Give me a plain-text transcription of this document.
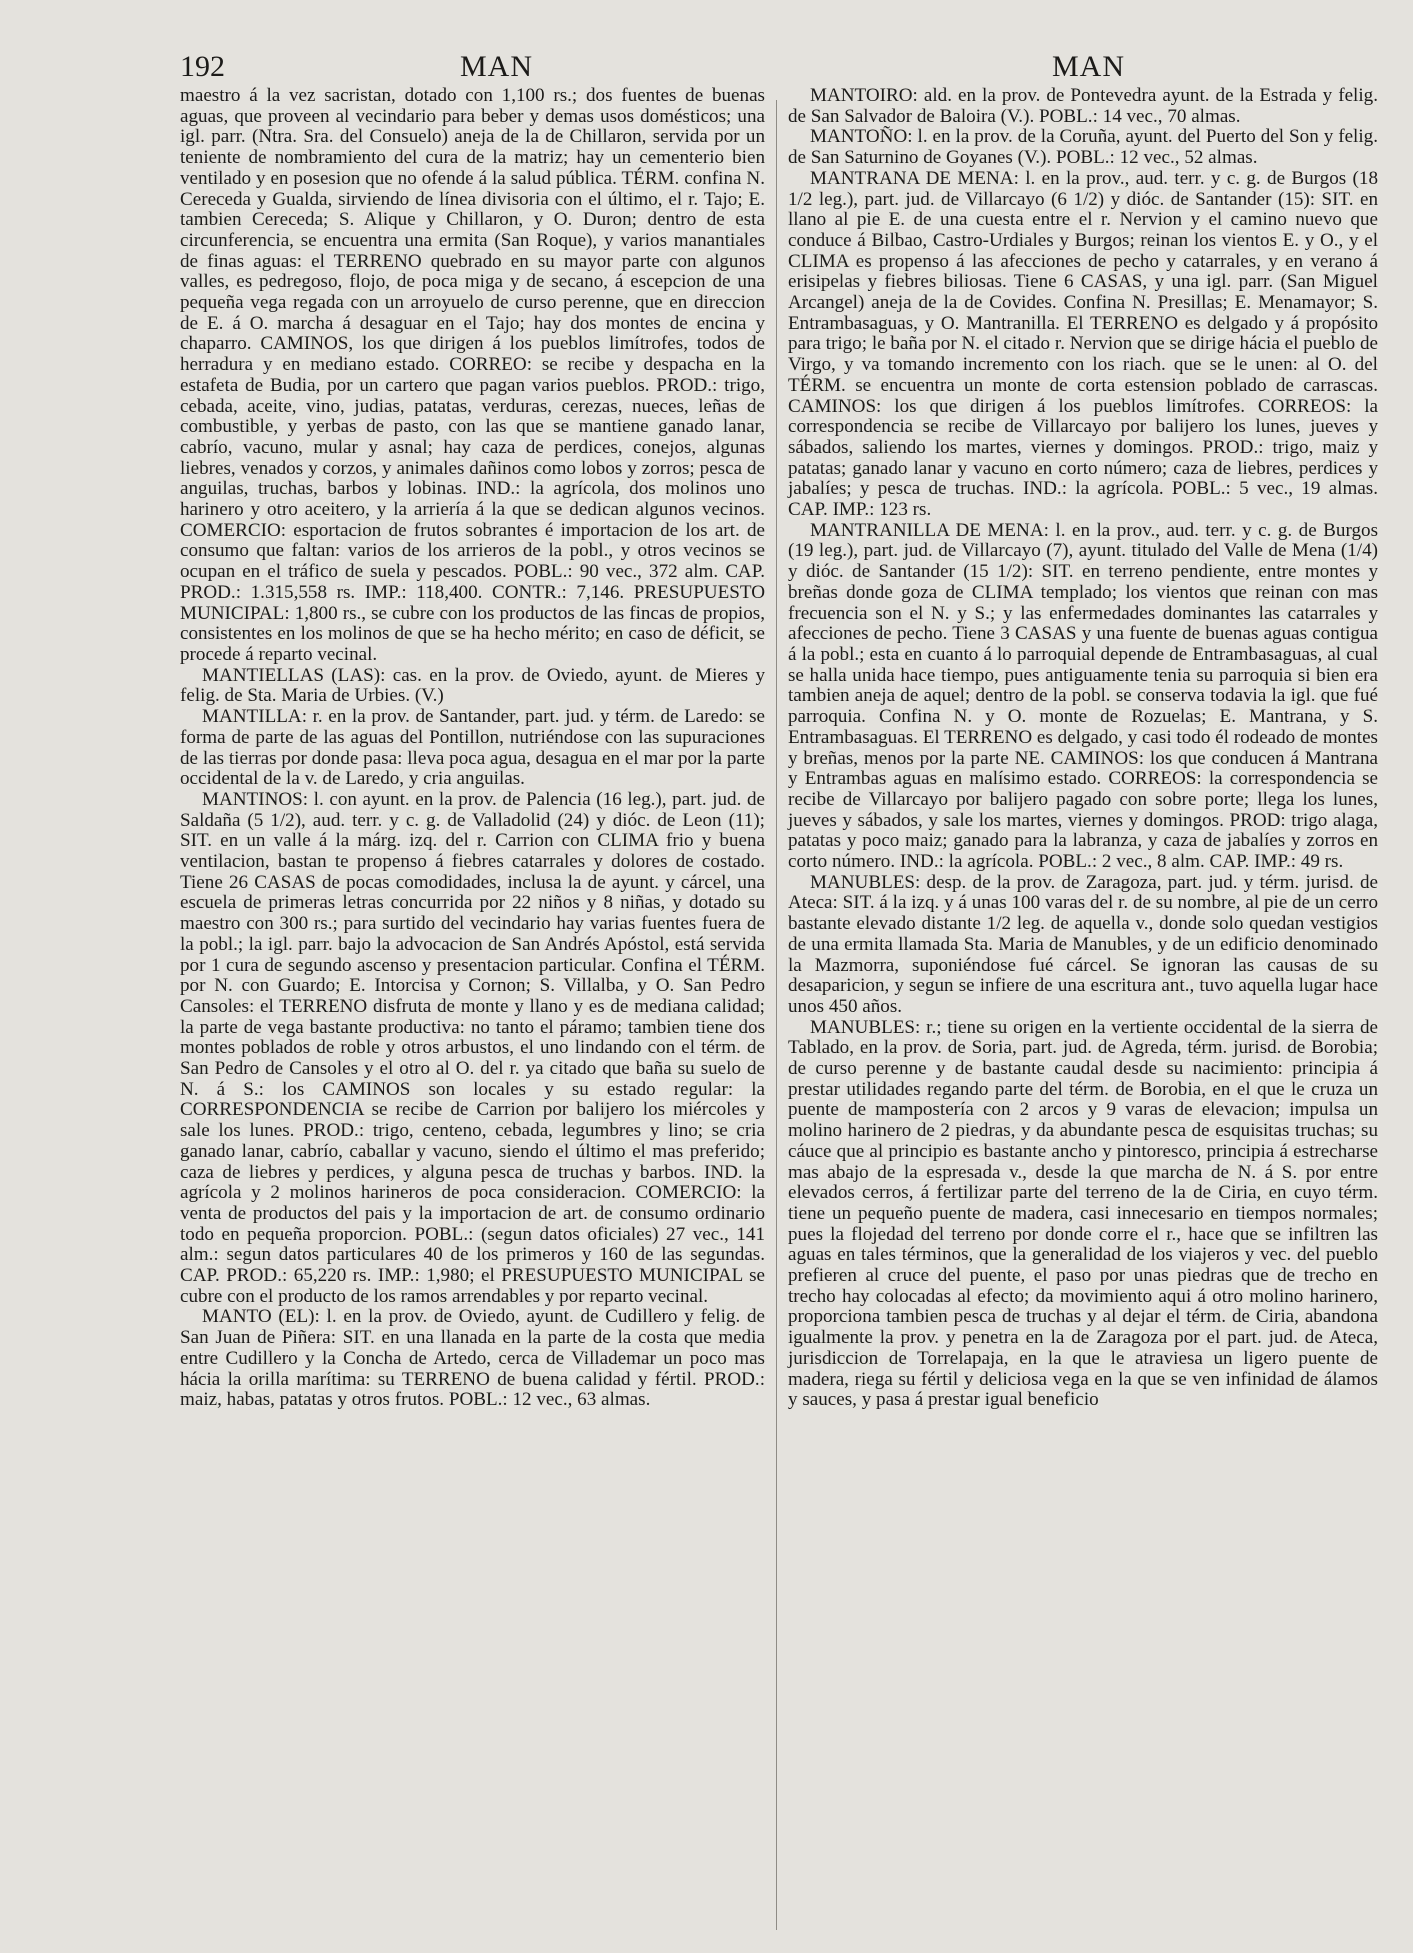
192	MAN	MAN

maestro á la vez sacristan, dotado con 1,100 rs.; dos fuentes de buenas aguas, que proveen al vecindario para beber y demas usos domésticos; una igl. parr. (Ntra. Sra. del Consuelo) aneja de la de Chillaron, servida por un teniente de nombramiento del cura de la matriz; hay un cementerio bien ventilado y en posesion que no ofende á la salud pública. TÉRM. confina N. Cereceda y Gualda, sirviendo de línea divisoria con el último, el r. Tajo; E. tambien Cereceda; S. Alique y Chillaron, y O. Duron; dentro de esta circunferencia, se encuentra una ermita (San Roque), y varios manantiales de finas aguas: el TERRENO quebrado en su mayor parte con algunos valles, es pedregoso, flojo, de poca miga y de secano, á escepcion de una pequeña vega regada con un arroyuelo de curso perenne, que en direccion de E. á O. marcha á desaguar en el Tajo; hay dos montes de encina y chaparro. CAMINOS, los que dirigen á los pueblos limítrofes, todos de herradura y en mediano estado. CORREO: se recibe y despacha en la estafeta de Budia, por un cartero que pagan varios pueblos. PROD.: trigo, cebada, aceite, vino, judias, patatas, verduras, cerezas, nueces, leñas de combustible, y yerbas de pasto, con las que se mantiene ganado lanar, cabrío, vacuno, mular y asnal; hay caza de perdices, conejos, algunas liebres, venados y corzos, y animales dañinos como lobos y zorros; pesca de anguilas, truchas, barbos y lobinas. IND.: la agrícola, dos molinos uno harinero y otro aceitero, y la arriería á la que se dedican algunos vecinos. COMERCIO: esportacion de frutos sobrantes é importacion de los art. de consumo que faltan: varios de los arrieros de la pobl., y otros vecinos se ocupan en el tráfico de suela y pescados. POBL.: 90 vec., 372 alm. CAP. PROD.: 1.315,558 rs. IMP.: 118,400. CONTR.: 7,146. PRESUPUESTO MUNICIPAL: 1,800 rs., se cubre con los productos de las fincas de propios, consistentes en los molinos de que se ha hecho mérito; en caso de déficit, se procede á reparto vecinal.

MANTIELLAS (LAS): cas. en la prov. de Oviedo, ayunt. de Mieres y felig. de Sta. Maria de Urbies. (V.)

MANTILLA: r. en la prov. de Santander, part. jud. y térm. de Laredo: se forma de parte de las aguas del Pontillon, nutriéndose con las supuraciones de las tierras por donde pasa: lleva poca agua, desagua en el mar por la parte occidental de la v. de Laredo, y cria anguilas.

MANTINOS: l. con ayunt. en la prov. de Palencia (16 leg.), part. jud. de Saldaña (5 1/2), aud. terr. y c. g. de Valladolid (24) y dióc. de Leon (11); SIT. en un valle á la márg. izq. del r. Carrion con CLIMA frio y buena ventilacion, bastan te propenso á fiebres catarrales y dolores de costado. Tiene 26 CASAS de pocas comodidades, inclusa la de ayunt. y cárcel, una escuela de primeras letras concurrida por 22 niños y 8 niñas, y dotado su maestro con 300 rs.; para surtido del vecindario hay varias fuentes fuera de la pobl.; la igl. parr. bajo la advocacion de San Andrés Apóstol, está servida por 1 cura de segundo ascenso y presentacion particular. Confina el TÉRM. por N. con Guardo; E. Intorcisa y Cornon; S. Villalba, y O. San Pedro Cansoles: el TERRENO disfruta de monte y llano y es de mediana calidad; la parte de vega bastante productiva: no tanto el páramo; tambien tiene dos montes poblados de roble y otros arbustos, el uno lindando con el térm. de San Pedro de Cansoles y el otro al O. del r. ya citado que baña su suelo de N. á S.: los CAMINOS son locales y su estado regular: la CORRESPONDENCIA se recibe de Carrion por balijero los miércoles y sale los lunes. PROD.: trigo, centeno, cebada, legumbres y lino; se cria ganado lanar, cabrío, caballar y vacuno, siendo el último el mas preferido; caza de liebres y perdices, y alguna pesca de truchas y barbos. IND. la agrícola y 2 molinos harineros de poca consideracion. COMERCIO: la venta de productos del pais y la importacion de art. de consumo ordinario todo en pequeña proporcion. POBL.: (segun datos oficiales) 27 vec., 141 alm.: segun datos particulares 40 de los primeros y 160 de las segundas. CAP. PROD.: 65,220 rs. IMP.: 1,980; el PRESUPUESTO MUNICIPAL se cubre con el producto de los ramos arrendables y por reparto vecinal.

MANTO (EL): l. en la prov. de Oviedo, ayunt. de Cudillero y felig. de San Juan de Piñera: SIT. en una llanada en la parte de la costa que media entre Cudillero y la Concha de Artedo, cerca de Villademar un poco mas hácia la orilla marítima: su TERRENO de buena calidad y fértil. PROD.: maiz, habas, patatas y otros frutos. POBL.: 12 vec., 63 almas.

MANTOIRO: ald. en la prov. de Pontevedra ayunt. de la Estrada y felig. de San Salvador de Baloira (V.). POBL.: 14 vec., 70 almas.

MANTOÑO: l. en la prov. de la Coruña, ayunt. del Puerto del Son y felig. de San Saturnino de Goyanes (V.). POBL.: 12 vec., 52 almas.

MANTRANA DE MENA: l. en la prov., aud. terr. y c. g. de Burgos (18 1/2 leg.), part. jud. de Villarcayo (6 1/2) y dióc. de Santander (15): SIT. en llano al pie E. de una cuesta entre el r. Nervion y el camino nuevo que conduce á Bilbao, Castro-Urdiales y Burgos; reinan los vientos E. y O., y el CLIMA es propenso á las afecciones de pecho y catarrales, y en verano á erisipelas y fiebres biliosas. Tiene 6 CASAS, y una igl. parr. (San Miguel Arcangel) aneja de la de Covides. Confina N. Presillas; E. Menamayor; S. Entrambasaguas, y O. Mantranilla. El TERRENO es delgado y á propósito para trigo; le baña por N. el citado r. Nervion que se dirige hácia el pueblo de Virgo, y va tomando incremento con los riach. que se le unen: al O. del TÉRM. se encuentra un monte de corta estension poblado de carrascas. CAMINOS: los que dirigen á los pueblos limítrofes. CORREOS: la correspondencia se recibe de Villarcayo por balijero los lunes, jueves y sábados, saliendo los martes, viernes y domingos. PROD.: trigo, maiz y patatas; ganado lanar y vacuno en corto número; caza de liebres, perdices y jabalíes; y pesca de truchas. IND.: la agrícola. POBL.: 5 vec., 19 almas. CAP. IMP.: 123 rs.

MANTRANILLA DE MENA: l. en la prov., aud. terr. y c. g. de Burgos (19 leg.), part. jud. de Villarcayo (7), ayunt. titulado del Valle de Mena (1/4) y dióc. de Santander (15 1/2): SIT. en terreno pendiente, entre montes y breñas donde goza de CLIMA templado; los vientos que reinan con mas frecuencia son el N. y S.; y las enfermedades dominantes las catarrales y afecciones de pecho. Tiene 3 CASAS y una fuente de buenas aguas contigua á la pobl.; esta en cuanto á lo parroquial depende de Entrambasaguas, al cual se halla unida hace tiempo, pues antiguamente tenia su parroquia si bien era tambien aneja de aquel; dentro de la pobl. se conserva todavia la igl. que fué parroquia. Confina N. y O. monte de Rozuelas; E. Mantrana, y S. Entrambasaguas. El TERRENO es delgado, y casi todo él rodeado de montes y breñas, menos por la parte NE. CAMINOS: los que conducen á Mantrana y Entrambas aguas en malísimo estado. CORREOS: la correspondencia se recibe de Villarcayo por balijero pagado con sobre porte; llega los lunes, jueves y sábados, y sale los martes, viernes y domingos. PROD: trigo alaga, patatas y poco maiz; ganado para la labranza, y caza de jabalíes y zorros en corto número. IND.: la agrícola. POBL.: 2 vec., 8 alm. CAP. IMP.: 49 rs.

MANUBLES: desp. de la prov. de Zaragoza, part. jud. y térm. jurisd. de Ateca: SIT. á la izq. y á unas 100 varas del r. de su nombre, al pie de un cerro bastante elevado distante 1/2 leg. de aquella v., donde solo quedan vestigios de una ermita llamada Sta. Maria de Manubles, y de un edificio denominado la Mazmorra, suponiéndose fué cárcel. Se ignoran las causas de su desaparicion, y segun se infiere de una escritura ant., tuvo aquella lugar hace unos 450 años.

MANUBLES: r.; tiene su origen en la vertiente occidental de la sierra de Tablado, en la prov. de Soria, part. jud. de Agreda, térm. jurisd. de Borobia; de curso perenne y de bastante caudal desde su nacimiento: principia á prestar utilidades regando parte del térm. de Borobia, en el que le cruza un puente de mampostería con 2 arcos y 9 varas de elevacion; impulsa un molino harinero de 2 piedras, y da abundante pesca de esquisitas truchas; su cáuce que al principio es bastante ancho y pintoresco, principia á estrecharse mas abajo de la espresada v., desde la que marcha de N. á S. por entre elevados cerros, á fertilizar parte del terreno de la de Ciria, en cuyo térm. tiene un pequeño puente de madera, casi innecesario en tiempos normales; pues la flojedad del terreno por donde corre el r., hace que se infiltren las aguas en tales términos, que la generalidad de los viajeros y vec. del pueblo prefieren al cruce del puente, el paso por unas piedras que de trecho en trecho hay colocadas al efecto; da movimiento aqui á otro molino harinero, proporciona tambien pesca de truchas y al dejar el térm. de Ciria, abandona igualmente la prov. y penetra en la de Zaragoza por el part. jud. de Ateca, jurisdiccion de Torrelapaja, en la que le atraviesa un ligero puente de madera, riega su fértil y deliciosa vega en la que se ven infinidad de álamos y sauces, y pasa á prestar igual beneficio
